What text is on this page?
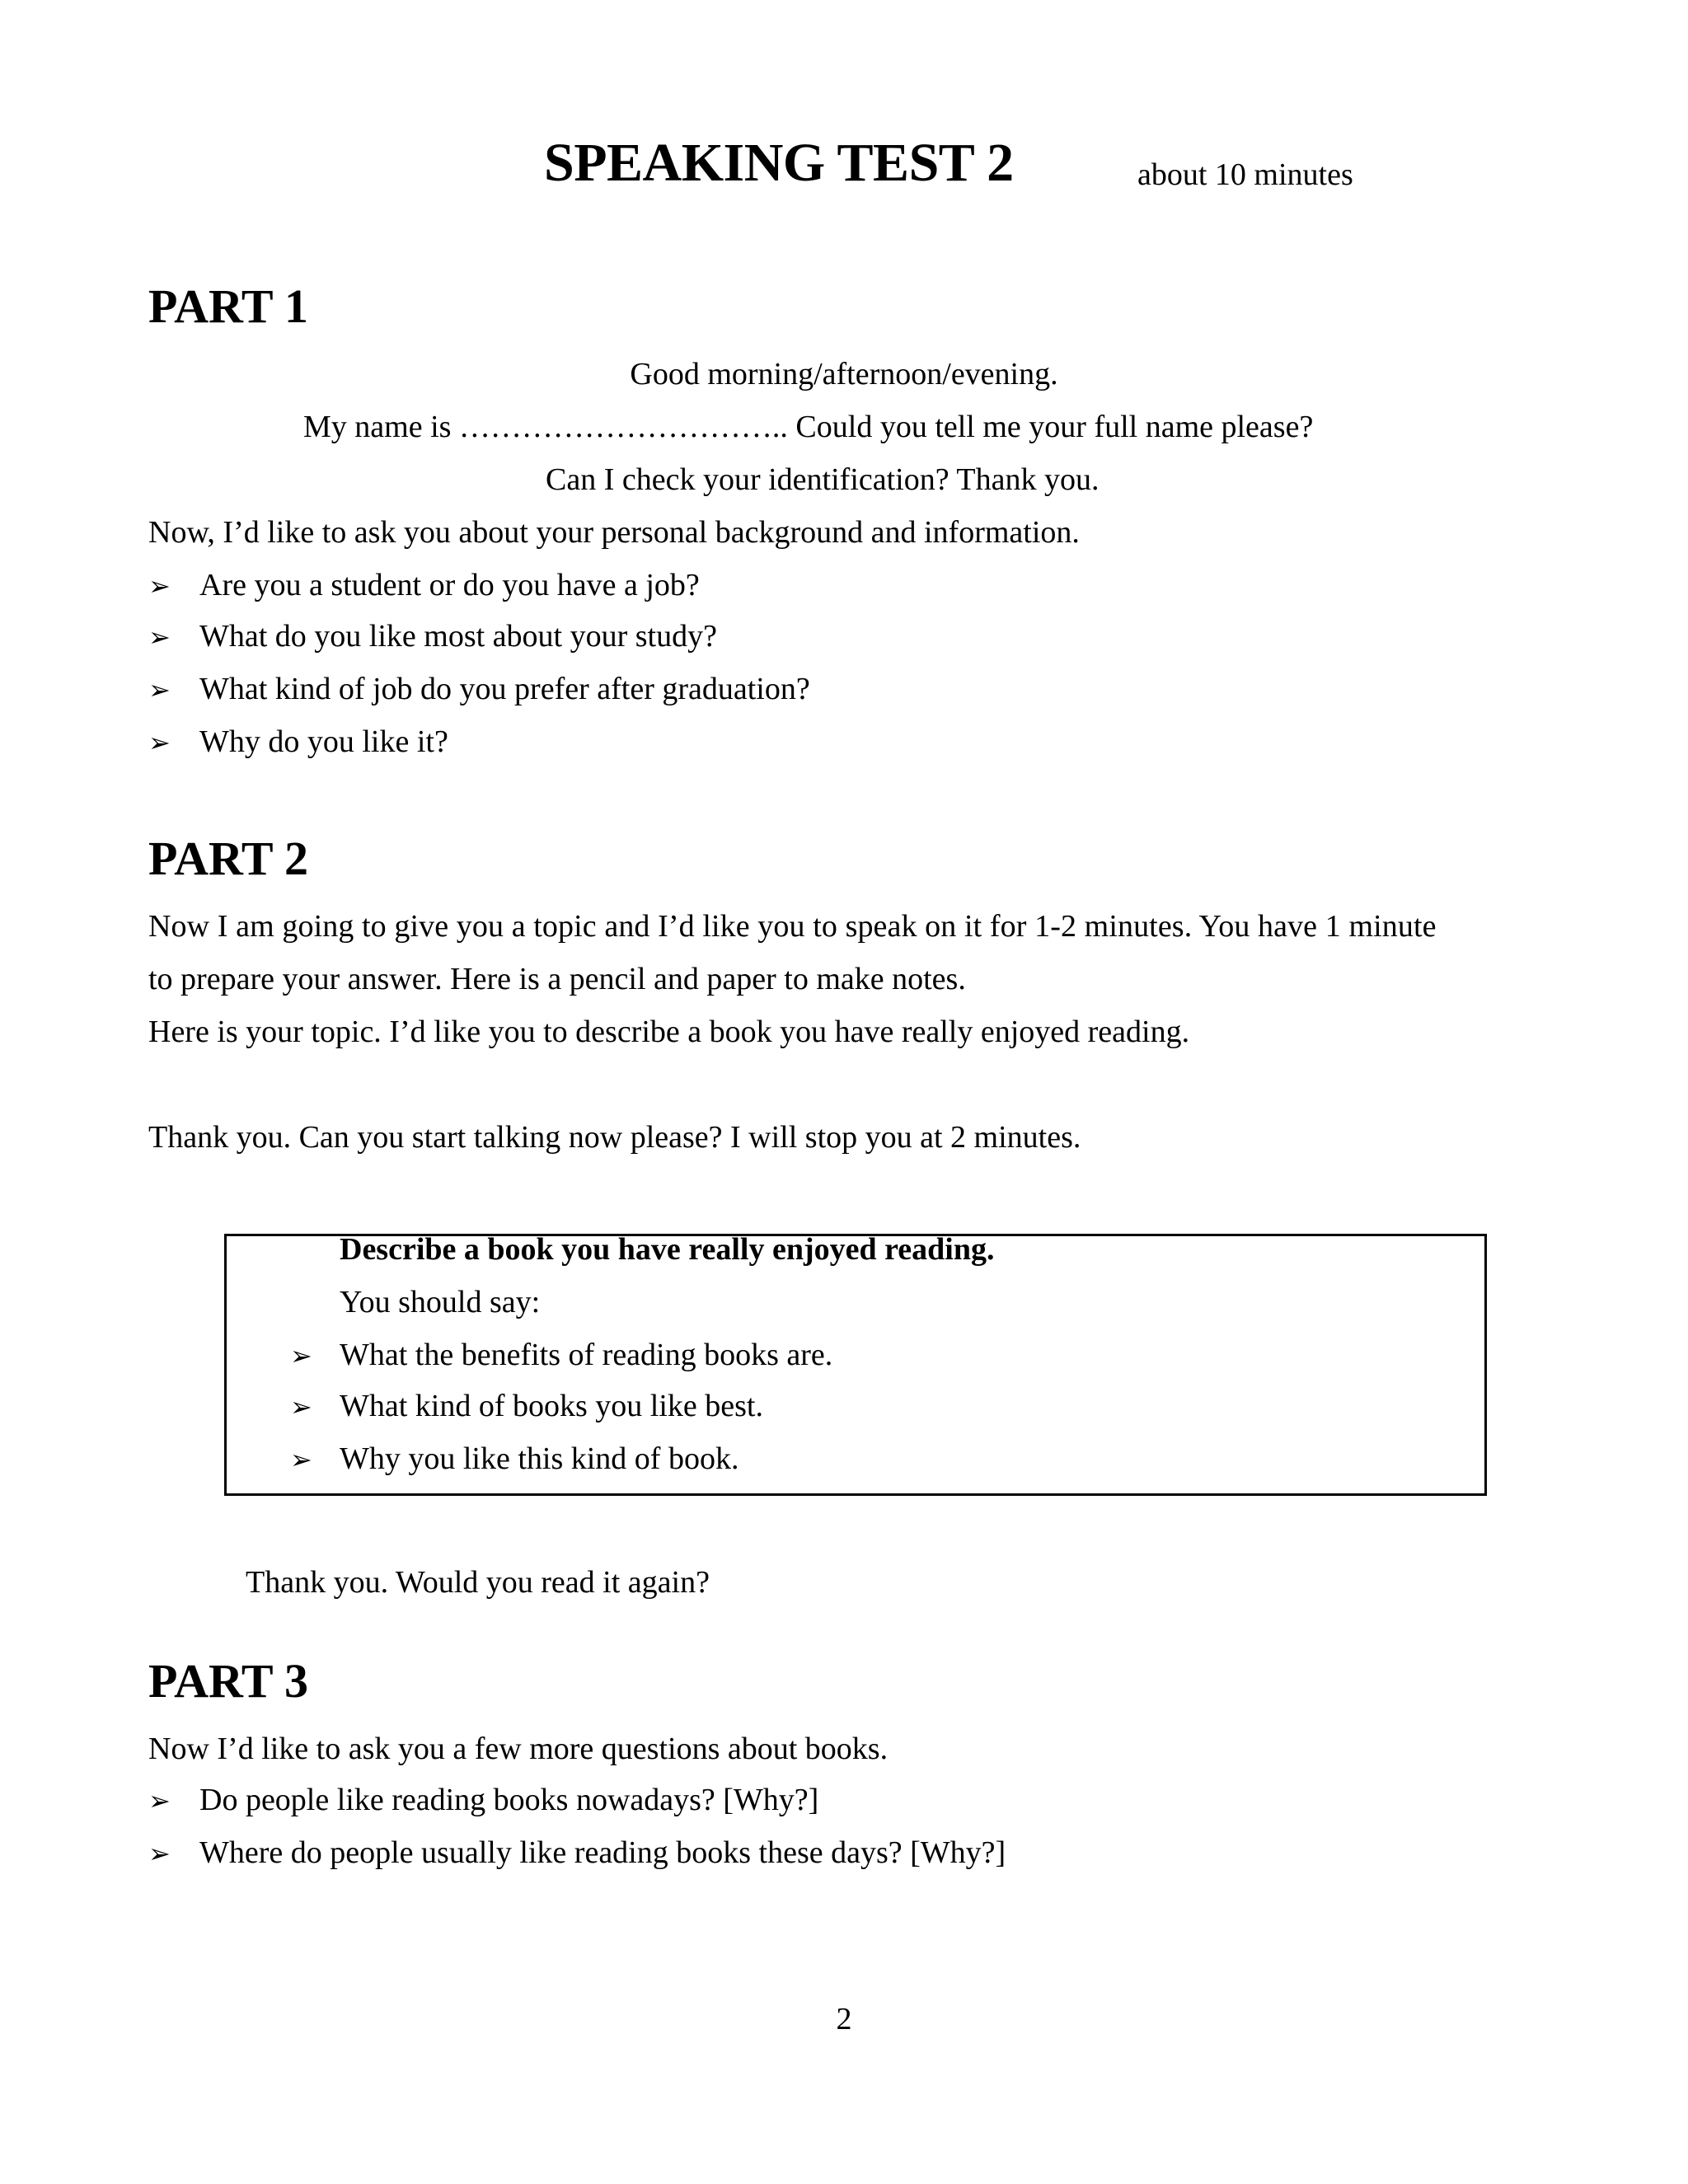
SPEAKING TEST 2	about 10 minutes
PART 1
Good morning/afternoon/evening.
My name is ………………………….. Could you tell me your full name please?
Can I check your identification? Thank you.
Now, I’d like to ask you about your personal background and information.
➢ Are you a student or do you have a job?
➢ What do you like most about your study?
➢ What kind of job do you prefer after graduation?
➢ Why do you like it?
PART 2
Now I am going to give you a topic and I’d like you to speak on it for 1-2 minutes. You have 1 minute
to prepare your answer. Here is a pencil and paper to make notes.
Here is your topic. I’d like you to describe a book you have really enjoyed reading.
Thank you. Can you start talking now please? I will stop you at 2 minutes.
Describe a book you have really enjoyed reading.
You should say:
➢ What the benefits of reading books are.
➢ What kind of books you like best.
➢ Why you like this kind of book.
Thank you. Would you read it again?
PART 3
Now I’d like to ask you a few more questions about books.
➢ Do people like reading books nowadays? [Why?]
➢ Where do people usually like reading books these days? [Why?]
2
